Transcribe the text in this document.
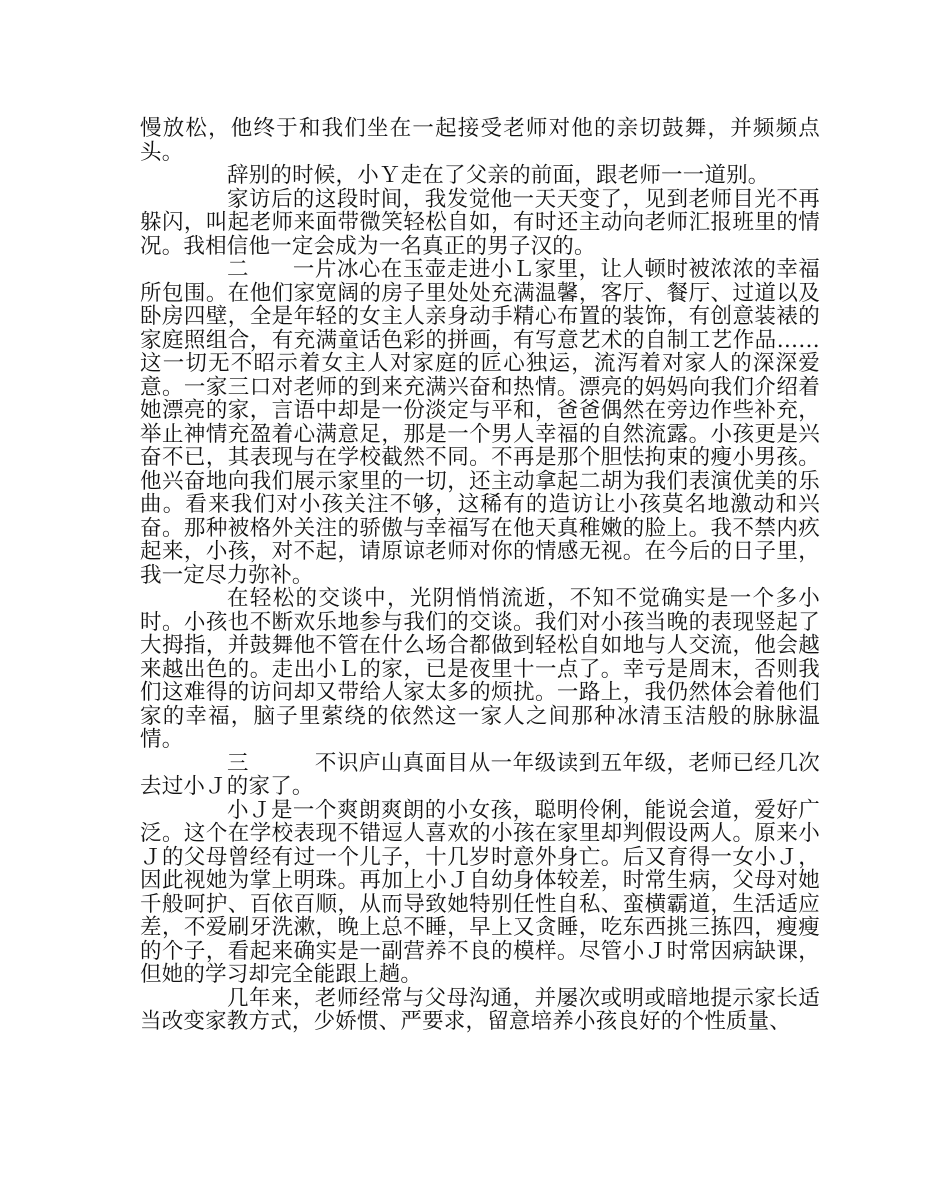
慢放松，他终于和我们坐在一起接受老师对他的亲切鼓舞，并频频点头。

辞别的时候，小Ｙ走在了父亲的前面，跟老师一一道别。

家访后的这段时间，我发觉他一天天变了，见到老师目光不再躲闪，叫起老师来面带微笑轻松自如，有时还主动向老师汇报班里的情况。我相信他一定会成为一名真正的男子汉的。

二　　一片冰心在玉壶走进小Ｌ家里，让人顿时被浓浓的幸福所包围。在他们家宽阔的房子里处处充满温馨，客厅、餐厅、过道以及卧房四壁，全是年轻的女主人亲身动手精心布置的装饰，有创意装裱的家庭照组合，有充满童话色彩的拼画，有写意艺术的自制工艺作品……这一切无不昭示着女主人对家庭的匠心独运，流泻着对家人的深深爱意。一家三口对老师的到来充满兴奋和热情。漂亮的妈妈向我们介绍着她漂亮的家，言语中却是一份淡定与平和，爸爸偶然在旁边作些补充，举止神情充盈着心满意足，那是一个男人幸福的自然流露。小孩更是兴奋不已，其表现与在学校截然不同。不再是那个胆怯拘束的瘦小男孩。他兴奋地向我们展示家里的一切，还主动拿起二胡为我们表演优美的乐曲。看来我们对小孩关注不够，这稀有的造访让小孩莫名地激动和兴奋。那种被格外关注的骄傲与幸福写在他天真稚嫩的脸上。我不禁内疚起来，小孩，对不起，请原谅老师对你的情感无视。在今后的日子里，我一定尽力弥补。

在轻松的交谈中，光阴悄悄流逝，不知不觉确实是一个多小时。小孩也不断欢乐地参与我们的交谈。我们对小孩当晚的表现竖起了大拇指，并鼓舞他不管在什么场合都做到轻松自如地与人交流，他会越来越出色的。走出小Ｌ的家，已是夜里十一点了。幸亏是周末，否则我们这难得的访问却又带给人家太多的烦扰。一路上，我仍然体会着他们家的幸福，脑子里萦绕的依然这一家人之间那种冰清玉洁般的脉脉温情。

三　　　不识庐山真面目从一年级读到五年级，老师已经几次去过小Ｊ的家了。

小Ｊ是一个爽朗爽朗的小女孩，聪明伶俐，能说会道，爱好广泛。这个在学校表现不错逗人喜欢的小孩在家里却判假设两人。原来小Ｊ的父母曾经有过一个儿子，十几岁时意外身亡。后又育得一女小Ｊ，因此视她为掌上明珠。再加上小Ｊ自幼身体较差，时常生病，父母对她千般呵护、百依百顺，从而导致她特别任性自私、蛮横霸道，生活适应差，不爱刷牙洗漱，晚上总不睡，早上又贪睡，吃东西挑三拣四，瘦瘦的个子，看起来确实是一副营养不良的模样。尽管小Ｊ时常因病缺课，但她的学习却完全能跟上趟。

几年来，老师经常与父母沟通，并屡次或明或暗地提示家长适当改变家教方式，少娇惯、严要求，留意培养小孩良好的个性质量、
